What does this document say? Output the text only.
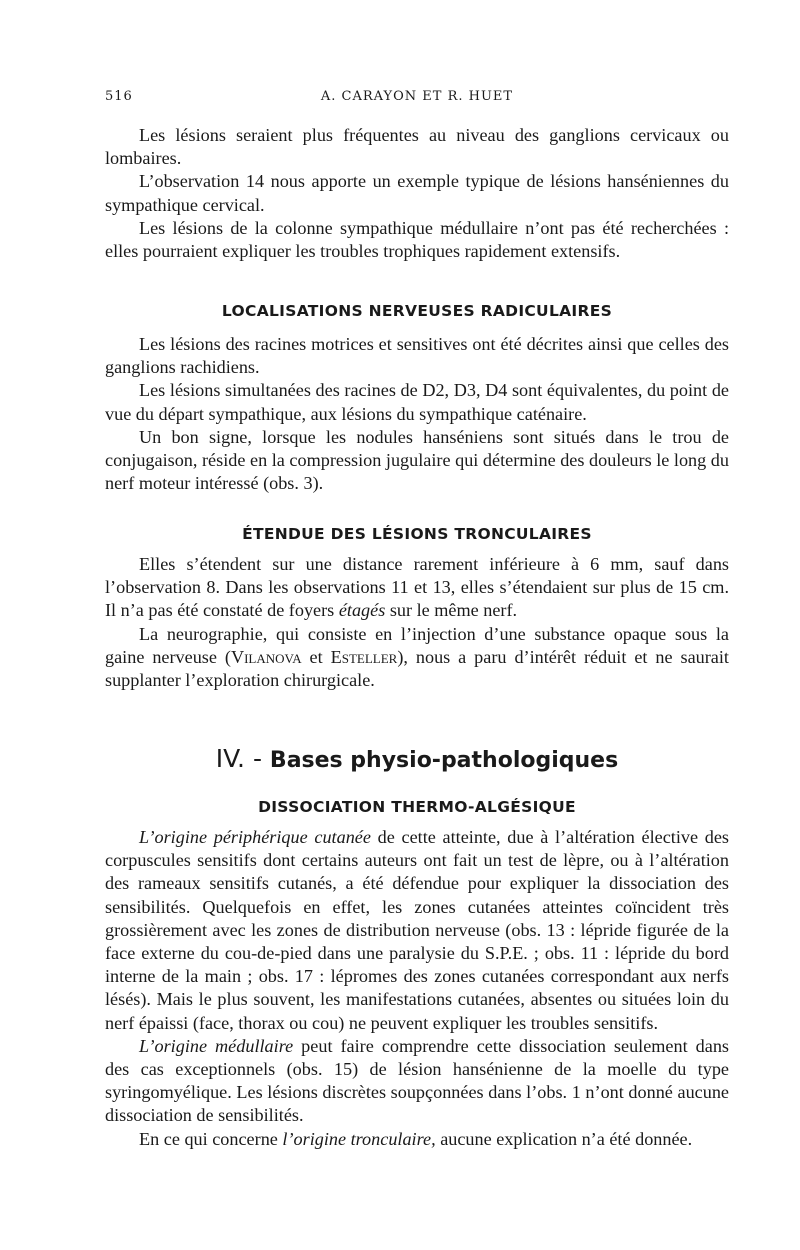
516	A. CARAYON ET R. HUET

Les lésions seraient plus fréquentes au niveau des ganglions cervicaux ou lombaires.

L’observation 14 nous apporte un exemple typique de lésions hanséniennes du sympathique cervical.

Les lésions de la colonne sympathique médullaire n’ont pas été recherchées : elles pourraient expliquer les troubles trophiques rapidement extensifs.

LOCALISATIONS NERVEUSES RADICULAIRES

Les lésions des racines motrices et sensitives ont été décrites ainsi que celles des ganglions rachidiens.

Les lésions simultanées des racines de D2, D3, D4 sont équivalentes, du point de vue du départ sympathique, aux lésions du sympathique caténaire.

Un bon signe, lorsque les nodules hanséniens sont situés dans le trou de conjugaison, réside en la compression jugulaire qui détermine des douleurs le long du nerf moteur intéressé (obs. 3).

ÉTENDUE DES LÉSIONS TRONCULAIRES

Elles s’étendent sur une distance rarement inférieure à 6 mm, sauf dans l’observation 8. Dans les observations 11 et 13, elles s’étendaient sur plus de 15 cm. Il n’a pas été constaté de foyers étagés sur le même nerf.

La neurographie, qui consiste en l’injection d’une substance opaque sous la gaine nerveuse (Vilanova et Esteller), nous a paru d’intérêt réduit et ne saurait supplanter l’exploration chirurgicale.

IV. - Bases physio-pathologiques
DISSOCIATION THERMO-ALGÉSIQUE

L’origine périphérique cutanée de cette atteinte, due à l’altération élective des corpuscules sensitifs dont certains auteurs ont fait un test de lèpre, ou à l’altération des rameaux sensitifs cutanés, a été défendue pour expliquer la dissociation des sensibilités. Quelquefois en effet, les zones cutanées atteintes coïncident très grossièrement avec les zones de distribution nerveuse (obs. 13 : lépride figurée de la face externe du cou-de-pied dans une paralysie du S.P.E. ; obs. 11 : lépride du bord interne de la main ; obs. 17 : lépromes des zones cutanées correspondant aux nerfs lésés). Mais le plus souvent, les manifestations cutanées, absentes ou situées loin du nerf épaissi (face, thorax ou cou) ne peuvent expliquer les troubles sensitifs.

L’origine médullaire peut faire comprendre cette dissociation seulement dans des cas exceptionnels (obs. 15) de lésion hansénienne de la moelle du type syringomyélique. Les lésions discrètes soupçonnées dans l’obs. 1 n’ont donné aucune dissociation de sensibilités.

En ce qui concerne l’origine tronculaire, aucune explication n’a été donnée.
